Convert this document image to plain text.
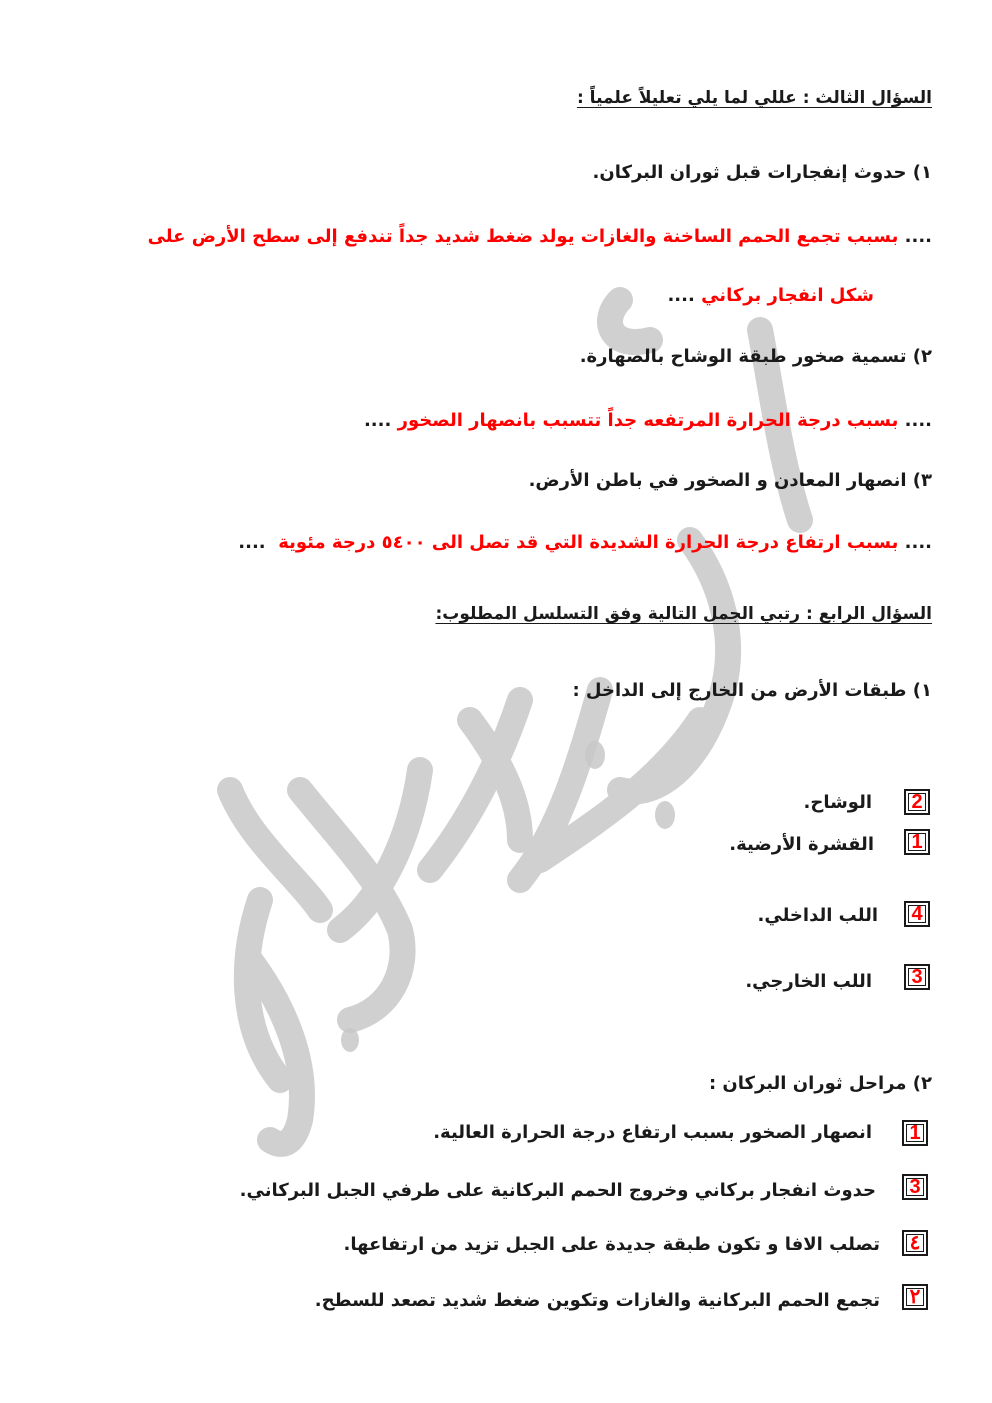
السؤال الثالث : عللي لما يلي تعليلاً علمياً :
١) حدوث إنفجارات قبل ثوران البركان.
.... بسبب تجمع الحمم الساخنة والغازات يولد ضغط شديد جداً تندفع إلى سطح الأرض على
شكل انفجار بركاني ....
٢) تسمية صخور طبقة الوشاح بالصهارة.
.... بسبب درجة الحرارة المرتفعه جداً تتسبب بانصهار الصخور ....
٣) انصهار المعادن و الصخور في باطن الأرض.
.... بسبب ارتفاع درجة الحرارة الشديدة التي قد تصل الى ٥٤٠٠ درجة مئوية  ....
السؤال الرابع : رتبي الجمل التالية وفق التسلسل المطلوب:
١) طبقات الأرض من الخارج إلى الداخل :
2
الوشاح.
1
القشرة الأرضية.
4
اللب الداخلي.
3
اللب الخارجي.
٢) مراحل ثوران البركان :
1
انصهار الصخور بسبب ارتفاع درجة الحرارة العالية.
3
حدوث انفجار بركاني وخروج الحمم البركانية على طرفي الجبل البركاني.
٤
تصلب الافا و تكون طبقة جديدة على الجبل تزيد من ارتفاعها.
٢
تجمع الحمم البركانية والغازات وتكوين ضغط شديد تصعد للسطح.
